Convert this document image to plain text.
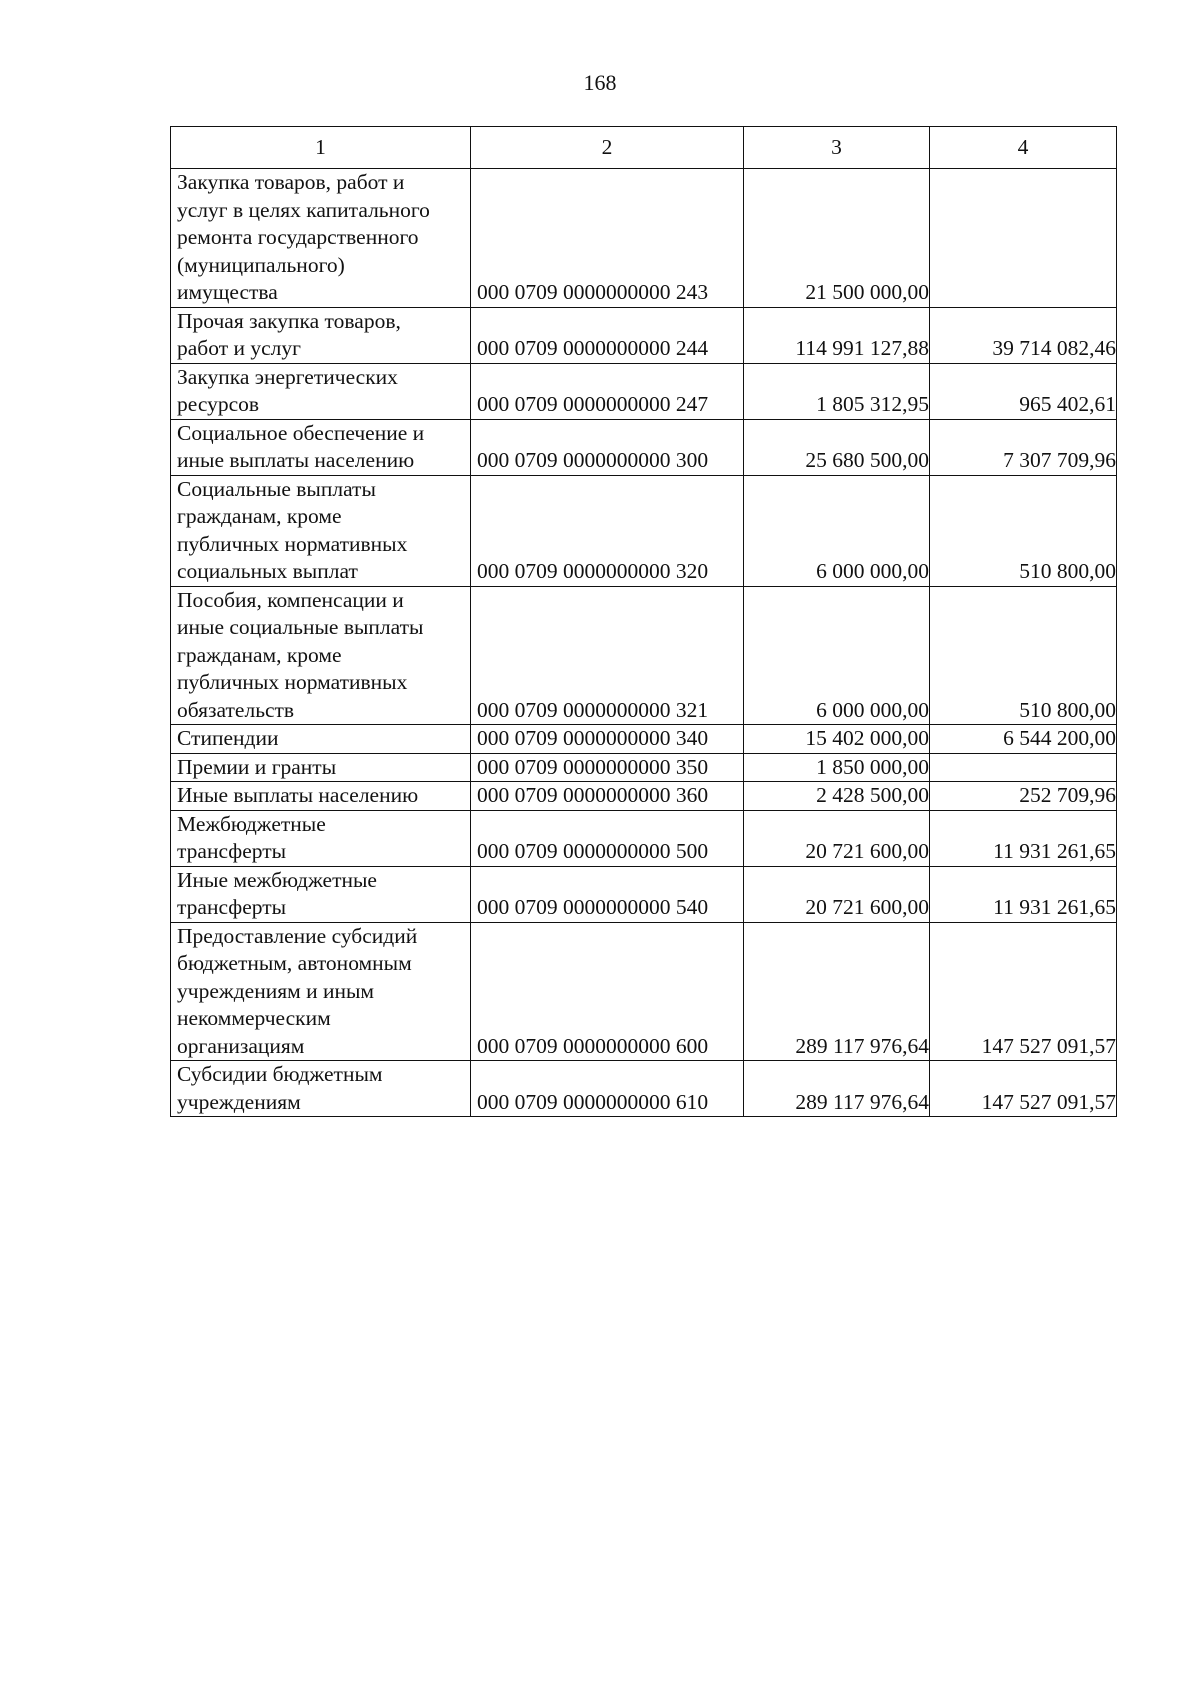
168
1	2	3	4
Закупка товаров, работ и
услуг в целях капитального
ремонта государственного
(муниципального)
имущества	000 0709 0000000000 243	21 500 000,00	
Прочая закупка товаров,
работ и услуг	000 0709 0000000000 244	114 991 127,88	39 714 082,46
Закупка энергетических
ресурсов	000 0709 0000000000 247	1 805 312,95	965 402,61
Социальное обеспечение и
иные выплаты населению	000 0709 0000000000 300	25 680 500,00	7 307 709,96
Социальные выплаты
гражданам, кроме
публичных нормативных
социальных выплат	000 0709 0000000000 320	6 000 000,00	510 800,00
Пособия, компенсации и
иные социальные выплаты
гражданам, кроме
публичных нормативных
обязательств	000 0709 0000000000 321	6 000 000,00	510 800,00
Стипендии	000 0709 0000000000 340	15 402 000,00	6 544 200,00
Премии и гранты	000 0709 0000000000 350	1 850 000,00	
Иные выплаты населению	000 0709 0000000000 360	2 428 500,00	252 709,96
Межбюджетные
трансферты	000 0709 0000000000 500	20 721 600,00	11 931 261,65
Иные межбюджетные
трансферты	000 0709 0000000000 540	20 721 600,00	11 931 261,65
Предоставление субсидий
бюджетным, автономным
учреждениям и иным
некоммерческим
организациям	000 0709 0000000000 600	289 117 976,64	147 527 091,57
Субсидии бюджетным
учреждениям	000 0709 0000000000 610	289 117 976,64	147 527 091,57
